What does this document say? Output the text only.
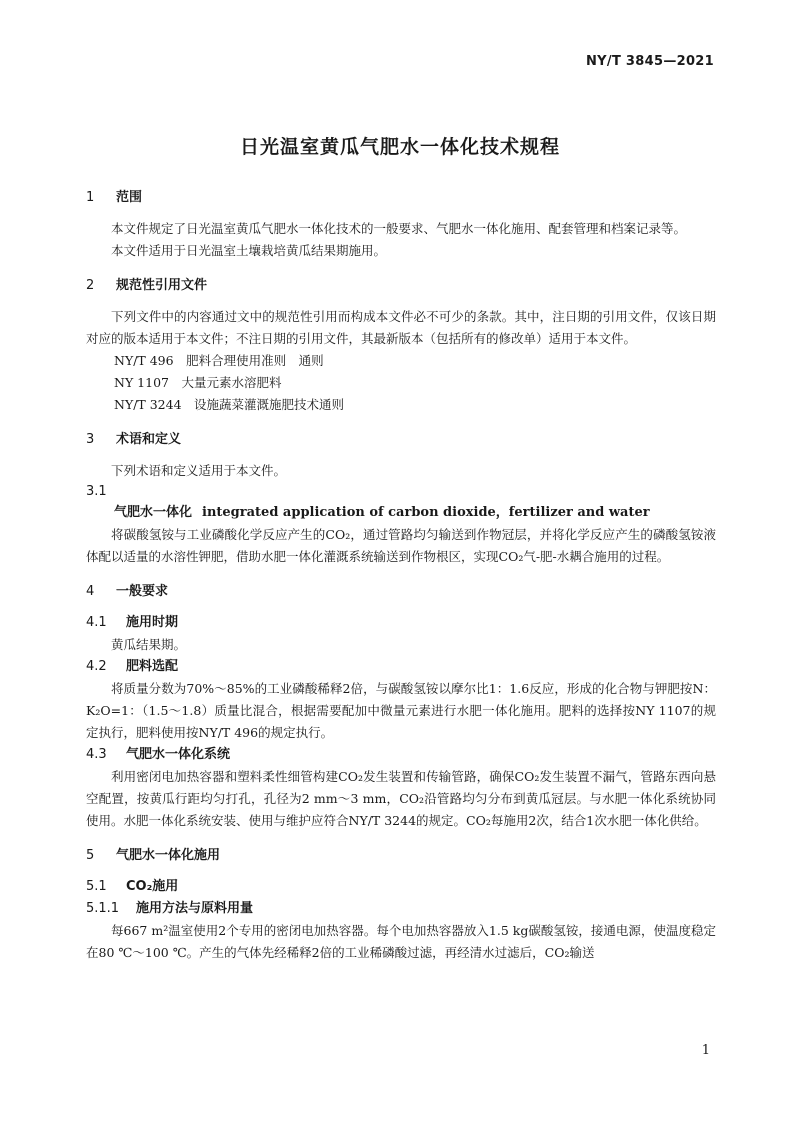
NY/T 3845—2021
日光温室黄瓜气肥水一体化技术规程
1 范围

本文件规定了日光温室黄瓜气肥水一体化技术的一般要求、气肥水一体化施用、配套管理和档案记录等。

本文件适用于日光温室土壤栽培黄瓜结果期施用。

2 规范性引用文件

下列文件中的内容通过文中的规范性引用而构成本文件必不可少的条款。其中，注日期的引用文件，仅该日期对应的版本适用于本文件；不注日期的引用文件，其最新版本（包括所有的修改单）适用于本文件。

NY/T 496　肥料合理使用准则　通则

NY 1107　大量元素水溶肥料

NY/T 3244　设施蔬菜灌溉施肥技术通则

3 术语和定义

下列术语和定义适用于本文件。

3.1
气肥水一体化 integrated application of carbon dioxide，fertilizer and water

将碳酸氢铵与工业磷酸化学反应产生的CO₂，通过管路均匀输送到作物冠层，并将化学反应产生的磷酸氢铵液体配以适量的水溶性钾肥，借助水肥一体化灌溉系统输送到作物根区，实现CO₂气-肥-水耦合施用的过程。

4 一般要求
4.1 施用时期

黄瓜结果期。

4.2 肥料选配

将质量分数为70%～85%的工业磷酸稀释2倍，与碳酸氢铵以摩尔比1：1.6反应，形成的化合物与钾肥按N：K₂O=1：（1.5～1.8）质量比混合，根据需要配加中微量元素进行水肥一体化施用。肥料的选择按NY 1107的规定执行，肥料使用按NY/T 496的规定执行。

4.3 气肥水一体化系统

利用密闭电加热容器和塑料柔性细管构建CO₂发生装置和传输管路，确保CO₂发生装置不漏气，管路东西向悬空配置，按黄瓜行距均匀打孔，孔径为2 mm～3 mm，CO₂沿管路均匀分布到黄瓜冠层。与水肥一体化系统协同使用。水肥一体化系统安装、使用与维护应符合NY/T 3244的规定。CO₂每施用2次，结合1次水肥一体化供给。

5 气肥水一体化施用
5.1 CO₂施用
5.1.1 施用方法与原料用量

每667 m²温室使用2个专用的密闭电加热容器。每个电加热容器放入1.5 kg碳酸氢铵，接通电源，使温度稳定在80 ℃～100 ℃。产生的气体先经稀释2倍的工业稀磷酸过滤，再经清水过滤后，CO₂输送

1
